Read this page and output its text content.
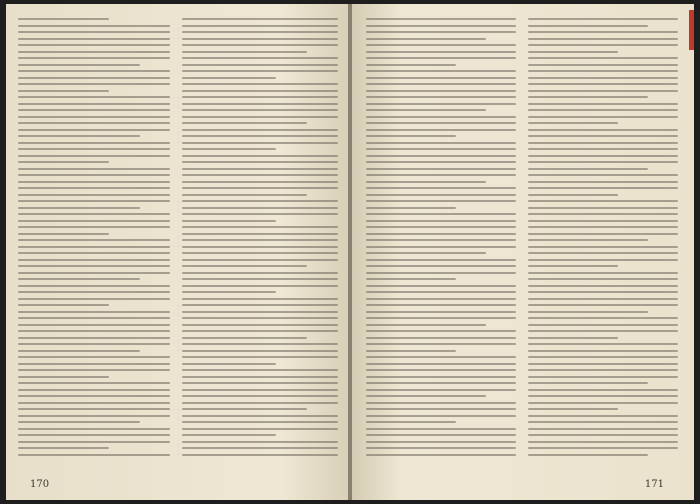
170	171
